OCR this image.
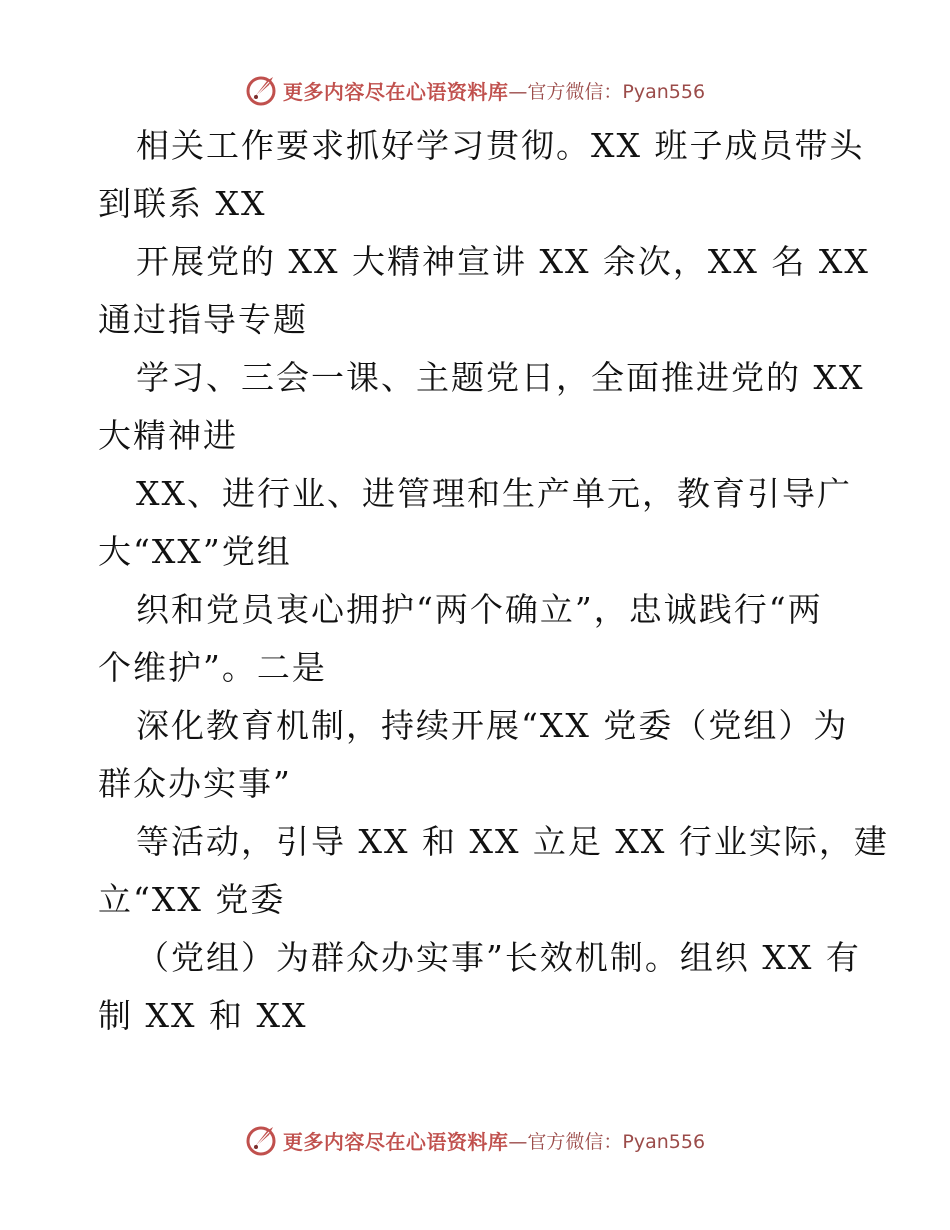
更多内容尽在心语资料库 —官方微信：Pyan556
相关工作要求抓好学习贯彻。XX 班子成员带头
到联系 XX
开展党的 XX 大精神宣讲 XX 余次，XX 名 XX
通过指导专题
学习、三会一课、主题党日，全面推进党的 XX
大精神进
XX、进行业、进管理和生产单元，教育引导广
大“XX”党组
织和党员衷心拥护“两个确立”，忠诚践行“两
个维护”。二是
深化教育机制，持续开展“XX 党委（党组）为
群众办实事”
等活动，引导 XX 和 XX 立足 XX 行业实际，建
立“XX 党委
（党组）为群众办实事”长效机制。组织 XX 有
制 XX 和 XX
更多内容尽在心语资料库 —官方微信：Pyan556
